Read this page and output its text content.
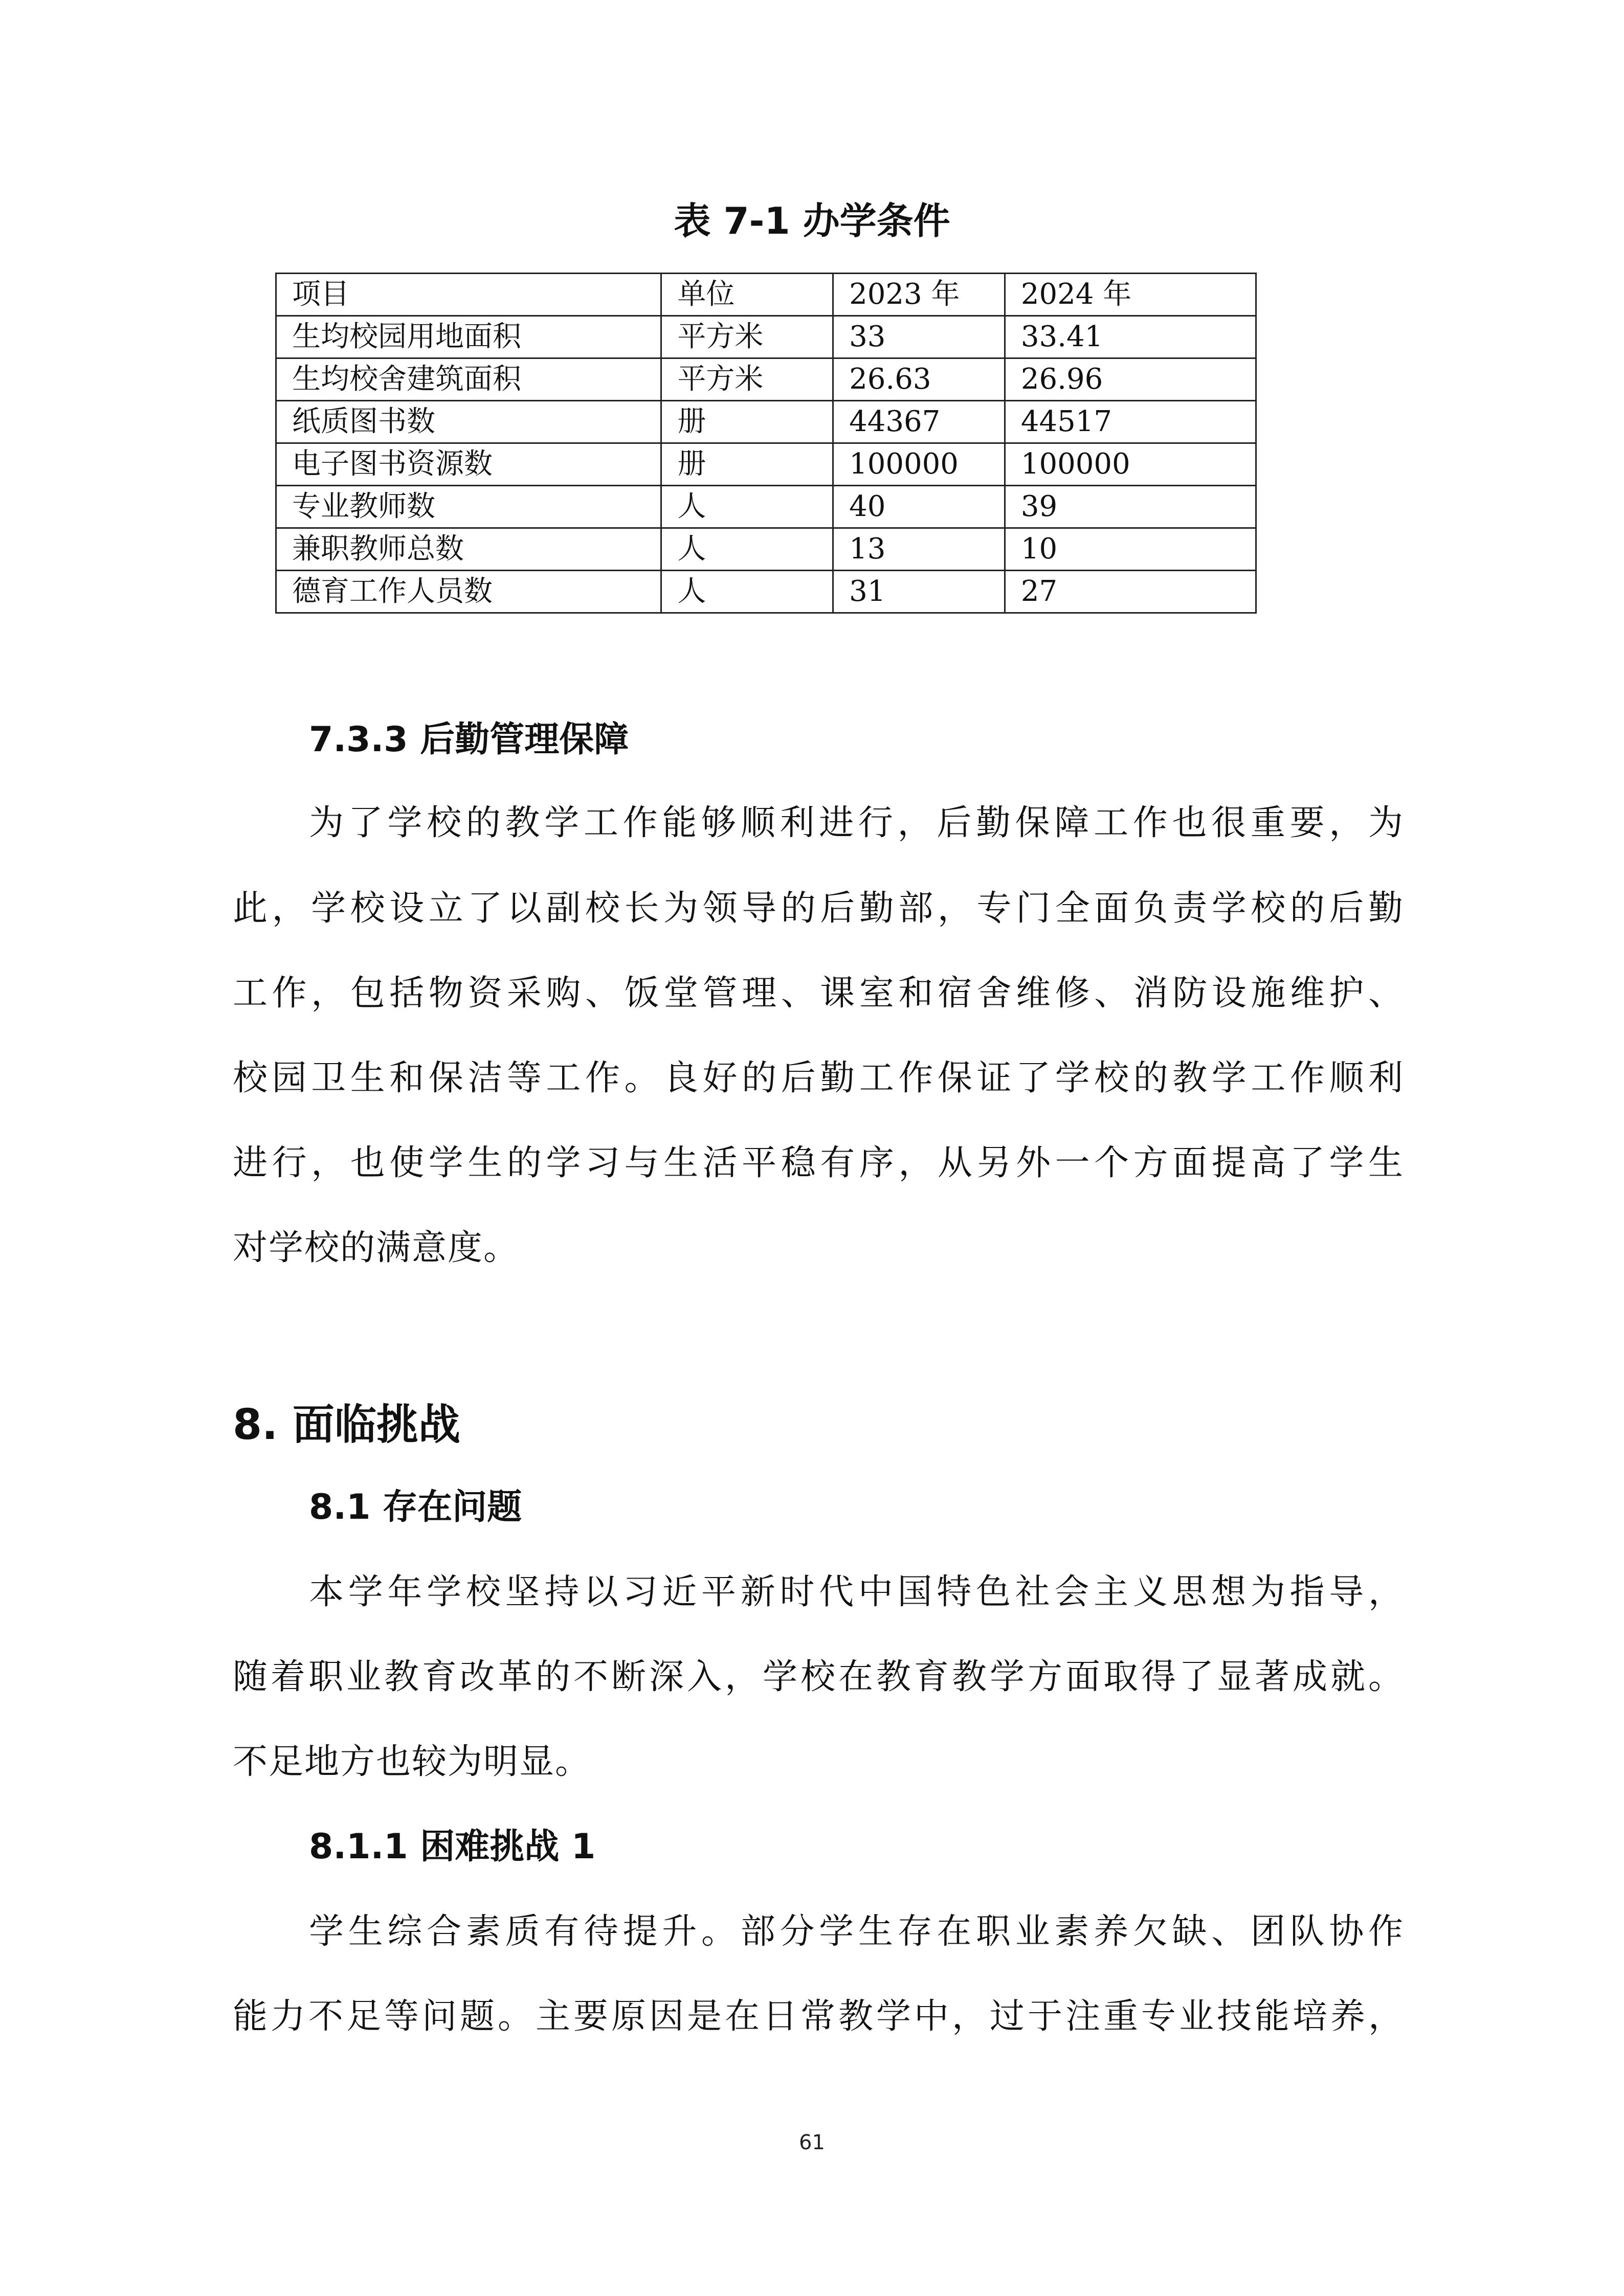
表 7-1 办学条件
项目	单位	2023 年	2024 年
生均校园用地面积	平方米	33	33.41
生均校舍建筑面积	平方米	26.63	26.96
纸质图书数	册	44367	44517
电子图书资源数	册	100000	100000
专业教师数	人	40	39
兼职教师总数	人	13	10
德育工作人员数	人	31	27
7.3.3 后勤管理保障
为了学校的教学工作能够顺利进行，后勤保障工作也很重要，为
此，学校设立了以副校长为领导的后勤部，专门全面负责学校的后勤
工作，包括物资采购、饭堂管理、课室和宿舍维修、消防设施维护、
校园卫生和保洁等工作。良好的后勤工作保证了学校的教学工作顺利
进行，也使学生的学习与生活平稳有序，从另外一个方面提高了学生
对学校的满意度。
8. 面临挑战
8.1 存在问题
本学年学校坚持以习近平新时代中国特色社会主义思想为指导，
随着职业教育改革的不断深入，学校在教育教学方面取得了显著成就。
不足地方也较为明显。
8.1.1 困难挑战 1
学生综合素质有待提升。部分学生存在职业素养欠缺、团队协作
能力不足等问题。主要原因是在日常教学中，过于注重专业技能培养，
61
